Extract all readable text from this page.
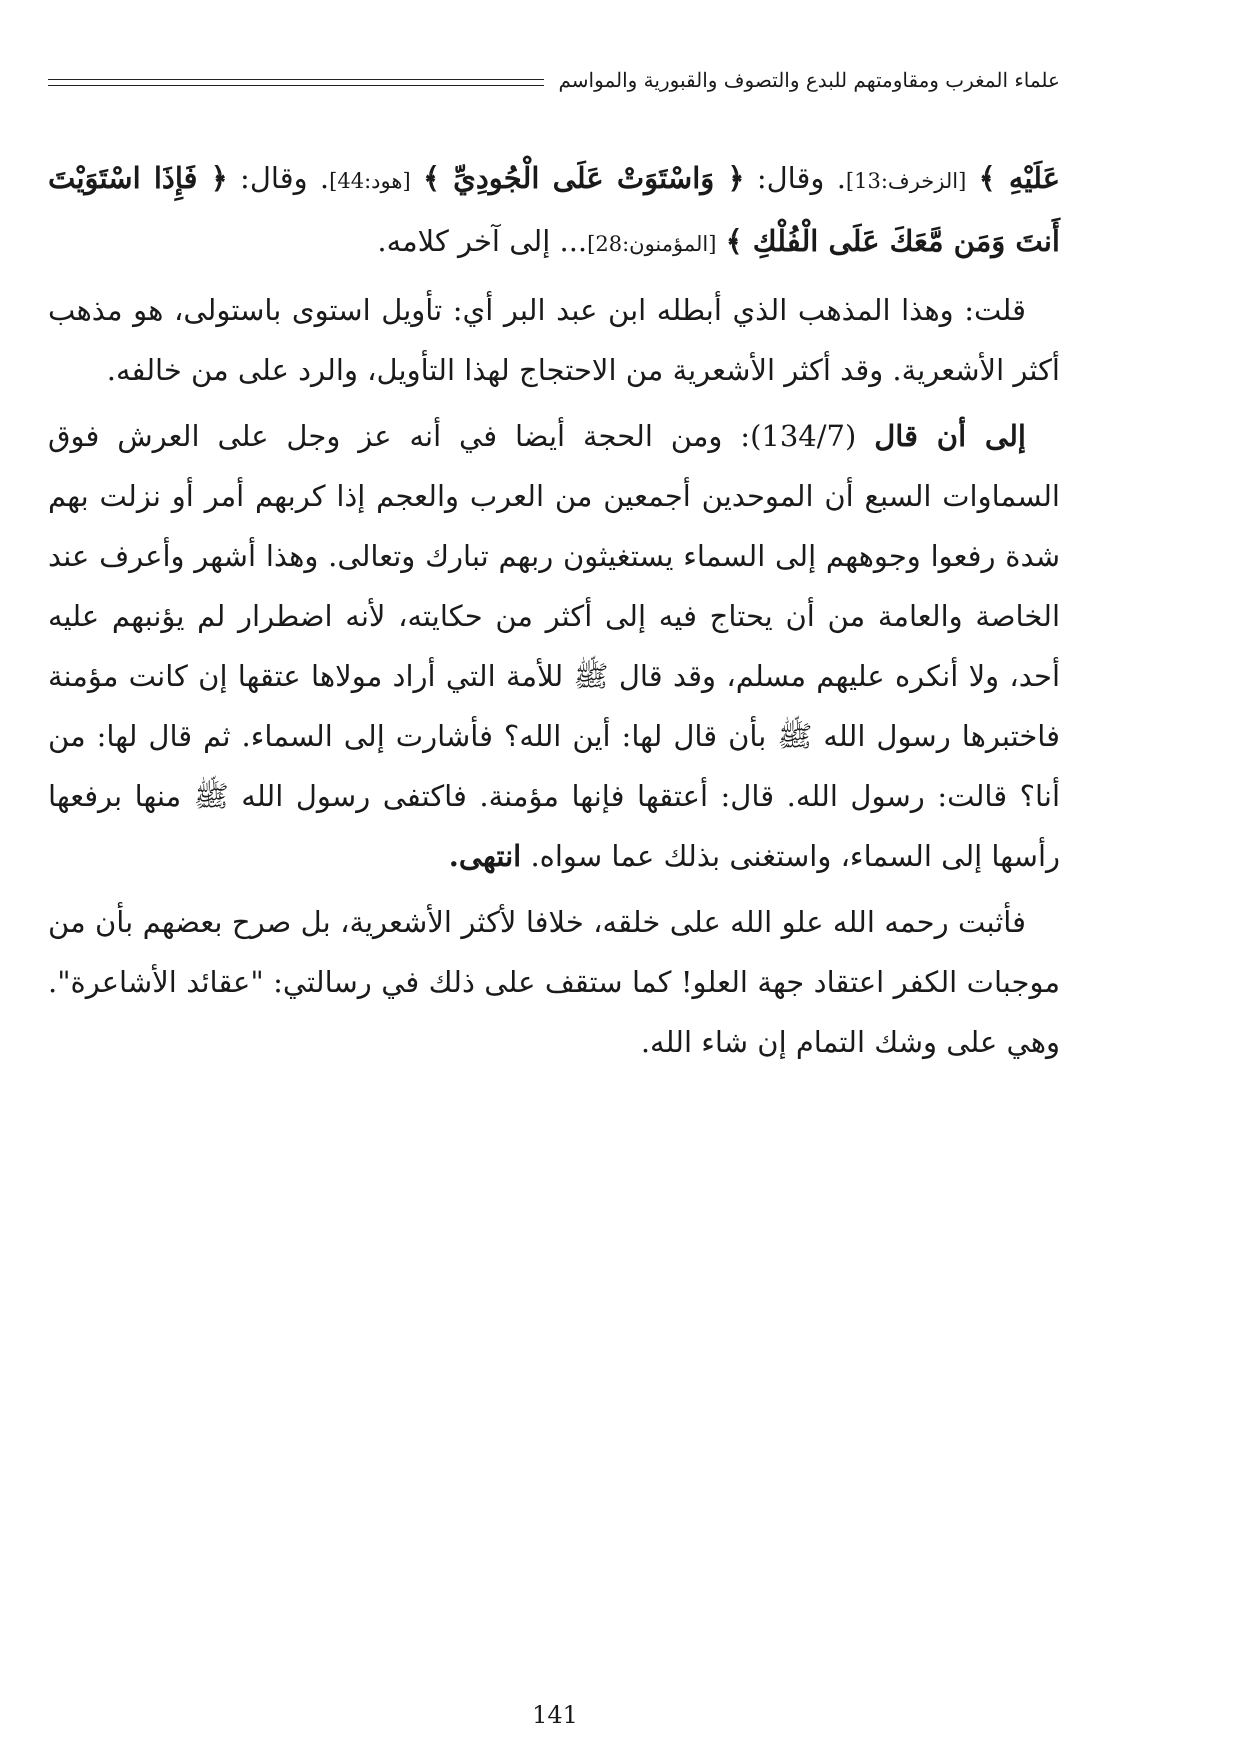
علماء المغرب ومقاومتهم للبدع والتصوف والقبورية والمواسم

عَلَيْهِ ﴾ [الزخرف:13]. وقال: ﴿ وَاسْتَوَتْ عَلَى الْجُودِيِّ ﴾ [هود:44]. وقال: ﴿ فَإِذَا اسْتَوَيْتَ أَنتَ وَمَن مَّعَكَ عَلَى الْفُلْكِ ﴾ [المؤمنون:28]... إلى آخر كلامه.

قلت: وهذا المذهب الذي أبطله ابن عبد البر أي: تأويل استوى باستولى، هو مذهب أكثر الأشعرية. وقد أكثر الأشعرية من الاحتجاج لهذا التأويل، والرد على من خالفه.

إلى أن قال (134/7): ومن الحجة أيضا في أنه عز وجل على العرش فوق السماوات السبع أن الموحدين أجمعين من العرب والعجم إذا كربهم أمر أو نزلت بهم شدة رفعوا وجوههم إلى السماء يستغيثون ربهم تبارك وتعالى. وهذا أشهر وأعرف عند الخاصة والعامة من أن يحتاج فيه إلى أكثر من حكايته، لأنه اضطرار لم يؤنبهم عليه أحد، ولا أنكره عليهم مسلم، وقد قال ﷺ للأمة التي أراد مولاها عتقها إن كانت مؤمنة فاختبرها رسول الله ﷺ بأن قال لها: أين الله؟ فأشارت إلى السماء. ثم قال لها: من أنا؟ قالت: رسول الله. قال: أعتقها فإنها مؤمنة. فاكتفى رسول الله ﷺ منها برفعها رأسها إلى السماء، واستغنى بذلك عما سواه. انتهى.

فأثبت رحمه الله علو الله على خلقه، خلافا لأكثر الأشعرية، بل صرح بعضهم بأن من موجبات الكفر اعتقاد جهة العلو! كما ستقف على ذلك في رسالتي: "عقائد الأشاعرة". وهي على وشك التمام إن شاء الله.

141
